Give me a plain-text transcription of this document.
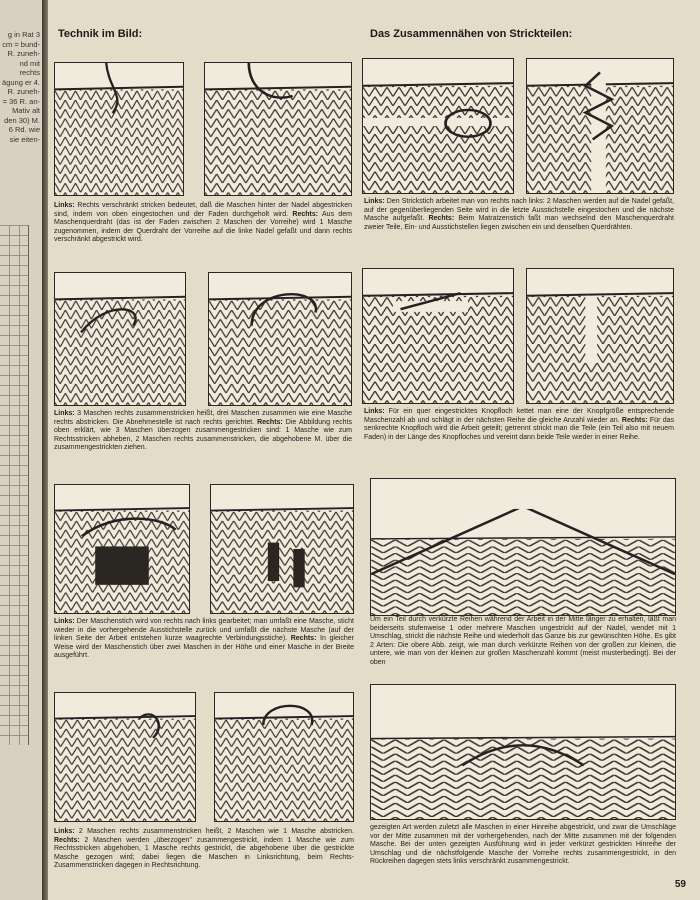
g in Rat 3 cm = bund-R. zuneh- nd mit rechts ägung er 4. R. zuneh- = 36 R. an- Mativ alt den 30) M. 6 Rd. wie sie eiten-
Technik im Bild:	Das Zusammennähen von Strickteilen:
Links: Rechts verschränkt stricken bedeutet, daß die Maschen hinter der Nadel abgestricken sind, indem von oben eingestochen und der Faden durchgeholt wird. Rechts: Aus dem Maschenquerdraht (das ist der Faden zwischen 2 Maschen der Vorreihe) wird 1 Masche zugenommen, indem der Querdraht der Vorreihe auf die linke Nadel gefaßt und dann rechts verschränkt abgestrickt wird.
Links: Den Strickstich arbeitet man von rechts nach links: 2 Maschen werden auf die Nadel gefaßt, auf der gegenüberliegenden Seite wird in die letzte Ausstichstelle eingestochen und die nächste Masche aufgefaßt. Rechts: Beim Matratzenstich faßt man wechselnd den Maschenquerdraht zweier Teile, Ein- und Ausstichstellen liegen zwischen ein und denselben Querdrähten.
Links: 3 Maschen rechts zusammenstricken heißt, drei Maschen zusammen wie eine Masche rechts abstricken. Die Abnehmestelle ist nach rechts gerichtet. Rechts: Die Abbildung rechts oben erklärt, wie 3 Maschen überzogen zusammengestricken sind: 1 Masche wie zum Rechtsstricken abheben, 2 Maschen rechts zusammenstricken, die abgehobene M. über die zusammengestrickten ziehen.
Links: Für ein quer eingestricktes Knopfloch kettet man eine der Knopfgröße entsprechende Maschenzahl ab und schlägt in der nächsten Reihe die gleiche Anzahl wieder an. Rechts: Für das senkrechte Knopfloch wird die Arbeit geteilt; getrennt strickt man die Teile (ein Teil also mit neuem Faden) in der Länge des Knopfloches und vereint dann beide Teile wieder in einer Reihe.
Links: Der Maschenstich wird von rechts nach links gearbeitet; man umfaßt eine Masche, sticht wieder in die vorhergehende Ausstichstelle zurück und umfaßt die nächste Masche (auf der linken Seite der Arbeit entstehen kurze waagrechte Verbindungsstiche). Rechts: In gleicher Weise wird der Maschenstich über zwei Maschen in der Höhe und einer Masche in der Breite ausgeführt.
Um ein Teil durch verkürzte Reihen während der Arbeit in der Mitte länger zu erhalten, läßt man beiderseits stufenweise 1 oder mehrere Maschen ungestrickt auf der Nadel, wendet mit 1 Umschlag, strickt die nächste Reihe und wiederholt das Ganze bis zur gewünschten Höhe. Es gibt 2 Arten: Die obere Abb. zeigt, wie man durch verkürzte Reihen von der großen zur kleinen, die untere, wie man von der kleinen zur großen Maschenzahl kommt (meist musterbedingt). Bei der oben
Links: 2 Maschen rechts zusammenstricken heißt, 2 Maschen wie 1 Masche abstricken. Rechts: 2 Maschen werden „überzogen" zusammengestrickt, indem 1 Masche wie zum Rechtsstricken abgehoben, 1 Masche rechts gestrickt, die abgehobene über die gestrickte Masche gezogen wird; dabei liegen die Maschen in Linksrichtung, beim Rechts-Zusammenstricken dagegen in Rechtsrichtung.
gezeigten Art werden zuletzt alle Maschen in einer Hinreihe abgestrickt, und zwar die Umschläge vor der Mitte zusammen mit der vorhergehenden, nach der Mitte zusammen mit der folgenden Masche. Bei der unten gezeigten Ausführung wird in jeder verkürzt gestrickten Hinreihe der Umschlag und die nächstfolgende Masche der Vorreihe rechts zusammengestrickt, in den Rückreihen dagegen stets links verschränkt zusammengestrickt.
59
